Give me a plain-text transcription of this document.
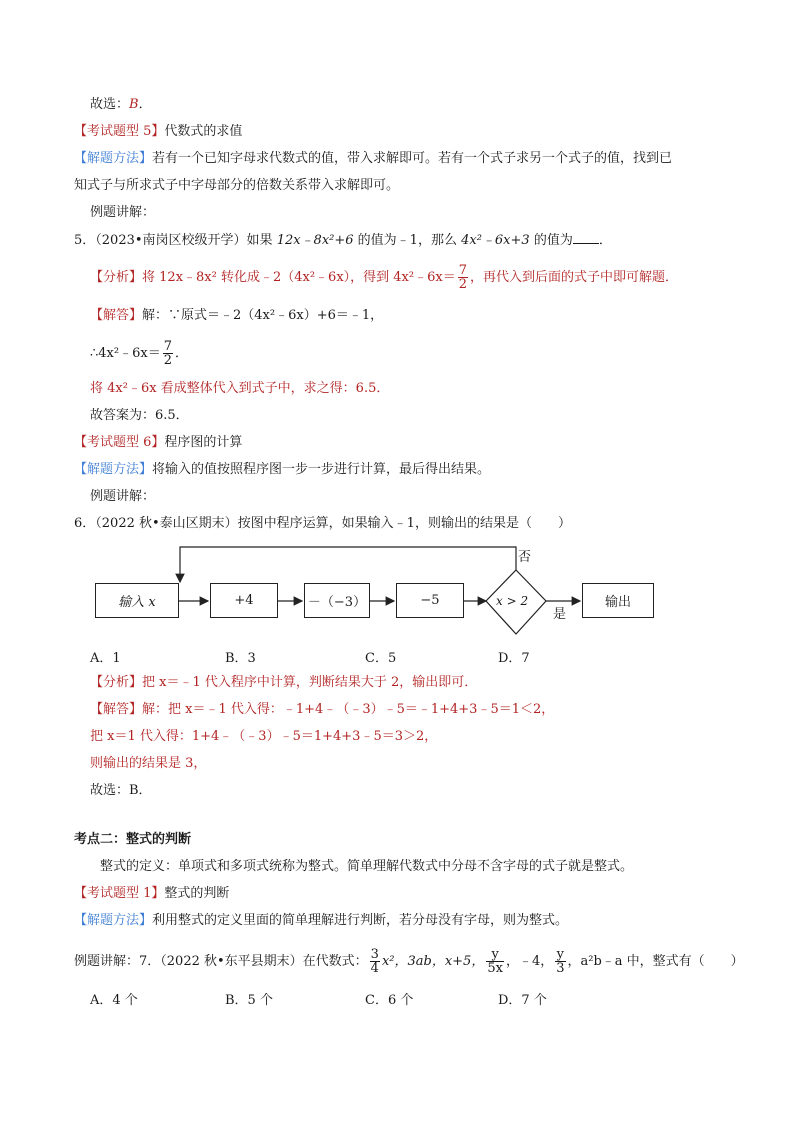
故选：B．
【考试题型 5】代数式的求值
【解题方法】若有一个已知字母求代数式的值，带入求解即可。若有一个式子求另一个式子的值，找到已
知式子与所求式子中字母部分的倍数关系带入求解即可。
例题讲解：
5．（2023•南岗区校级开学）如果 12x﹣8x²+6 的值为﹣1，那么 4x²﹣6x+3 的值为 ．
【分析】将 12x﹣8x² 转化成﹣2（4x²﹣6x），得到 4x²﹣6x＝ $\frac{7}{2}$ ，再代入到后面的式子中即可解题．
【解答】解：∵原式＝﹣2（4x²﹣6x）+6＝﹣1，
∴4x²﹣6x＝ $\frac{7}{2}$ ．
将 4x²﹣6x 看成整体代入到式子中，求之得：6.5．
故答案为：6.5．
【考试题型 6】程序图的计算
【解题方法】将输入的值按照程序图一步一步进行计算，最后得出结果。
例题讲解：
6．（2022 秋•泰山区期末）按图中程序运算，如果输入﹣1，则输出的结果是（　　）
输入 x	+4	－（−3）	−5	x > 2	输出
否
是
A．1	B．3	C．5	D．7
【分析】把 x＝﹣1 代入程序中计算，判断结果大于 2，输出即可．
【解答】解：把 x＝﹣1 代入得：﹣1+4﹣（﹣3）﹣5＝﹣1+4+3﹣5＝1＜2，
把 x＝1 代入得：1+4﹣（﹣3）﹣5＝1+4+3﹣5＝3＞2，
则输出的结果是 3，
故选：B．
考点二：整式的判断
整式的定义：单项式和多项式统称为整式。简单理解代数式中分母不含字母的式子就是整式。
【考试题型 1】整式的判断
【解题方法】利用整式的定义里面的简单理解进行判断，若分母没有字母，则为整式。
例题讲解：7．（2022 秋•东平县期末）在代数式： $\frac{3}{4} x^2$，3ab，x+5， $\frac{y}{5x}$ ，﹣4， $\frac{y}{3}$ ，a²b﹣a 中，整式有（　　）
A．4 个	B．5 个	C．6 个	D．7 个
